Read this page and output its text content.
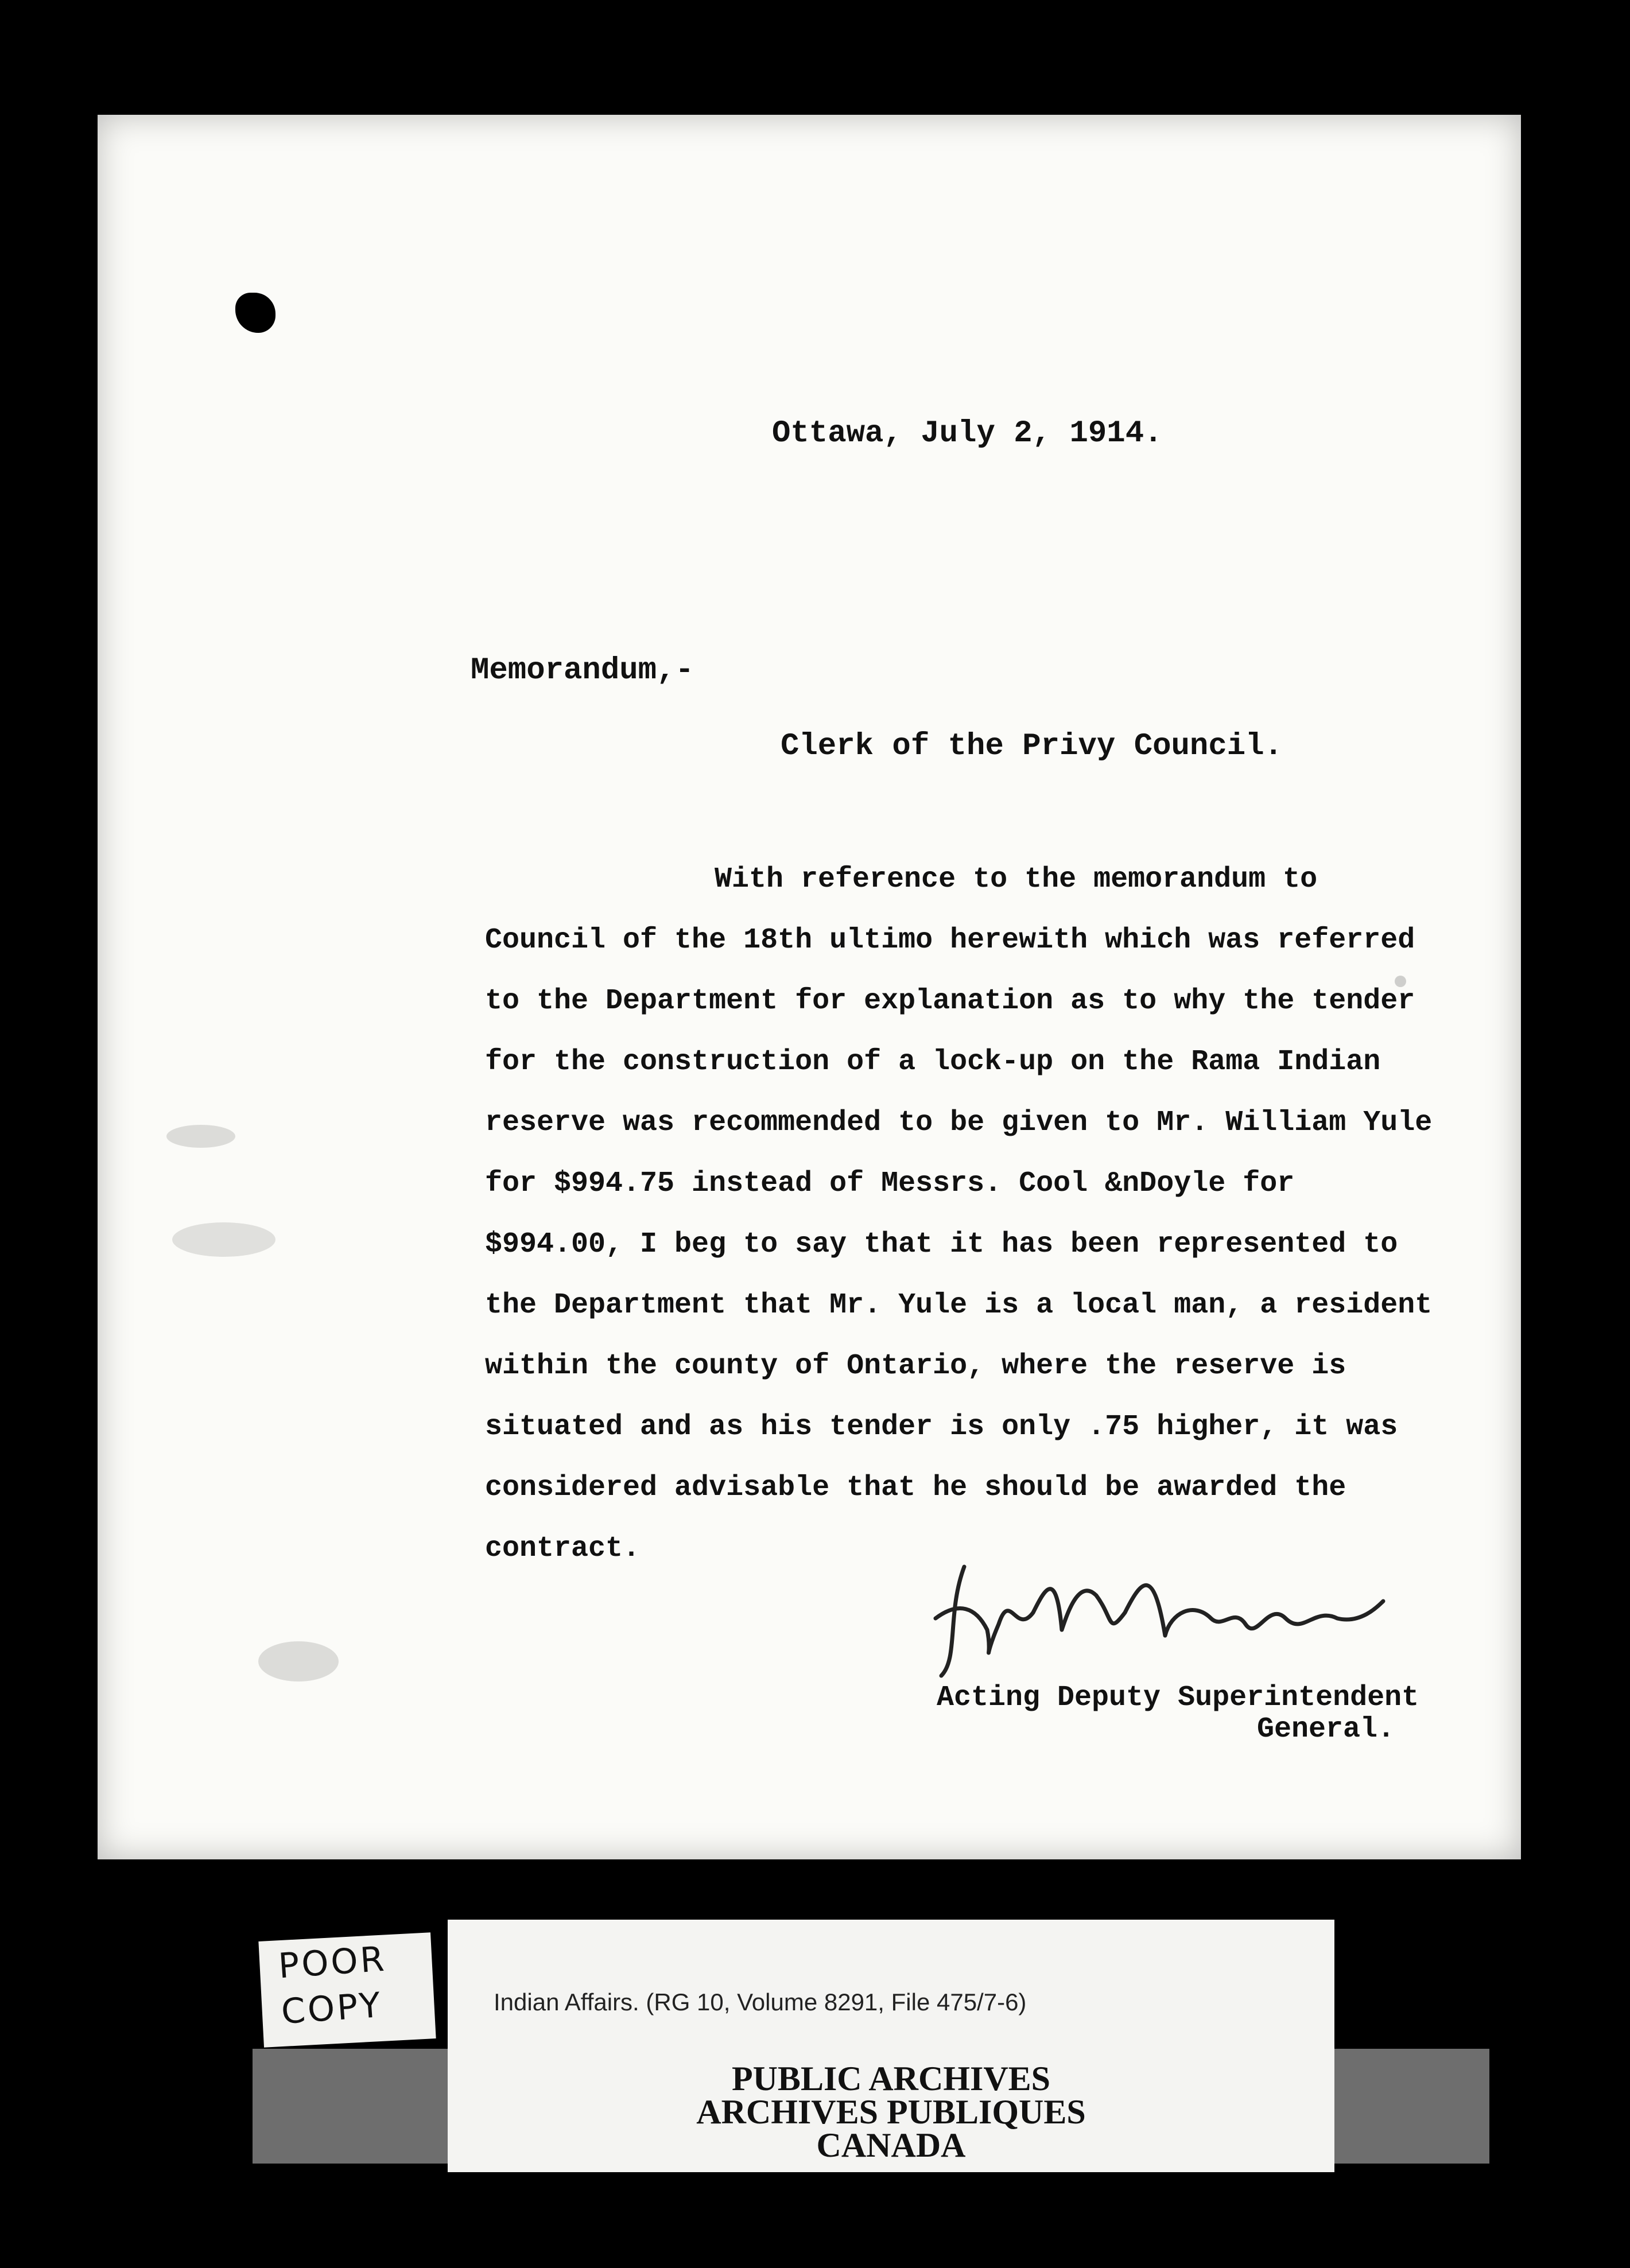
Ottawa, July 2, 1914.
Memorandum,-
Clerk of the Privy Council.

With reference to the memorandum to Council of the 18th ultimo herewith which was referred to the Department for explanation as to why the tender for the construction of a lock-up on the Rama Indian reserve was recommended to be given to Mr. William Yule for $994.75 instead of Messrs. Cool &nDoyle for $994.00, I beg to say that it has been represented to the Department that Mr. Yule is a local man, a resident within the county of Ontario, where the reserve is situated and as his tender is only .75 higher, it was considered advisable that he should be awarded the contract.

Acting Deputy Superintendent
General.
POOR
COPY	Indian Affairs. (RG 10, Volume 8291, File 475/7-6)
PUBLIC ARCHIVES
ARCHIVES PUBLIQUES
CANADA
